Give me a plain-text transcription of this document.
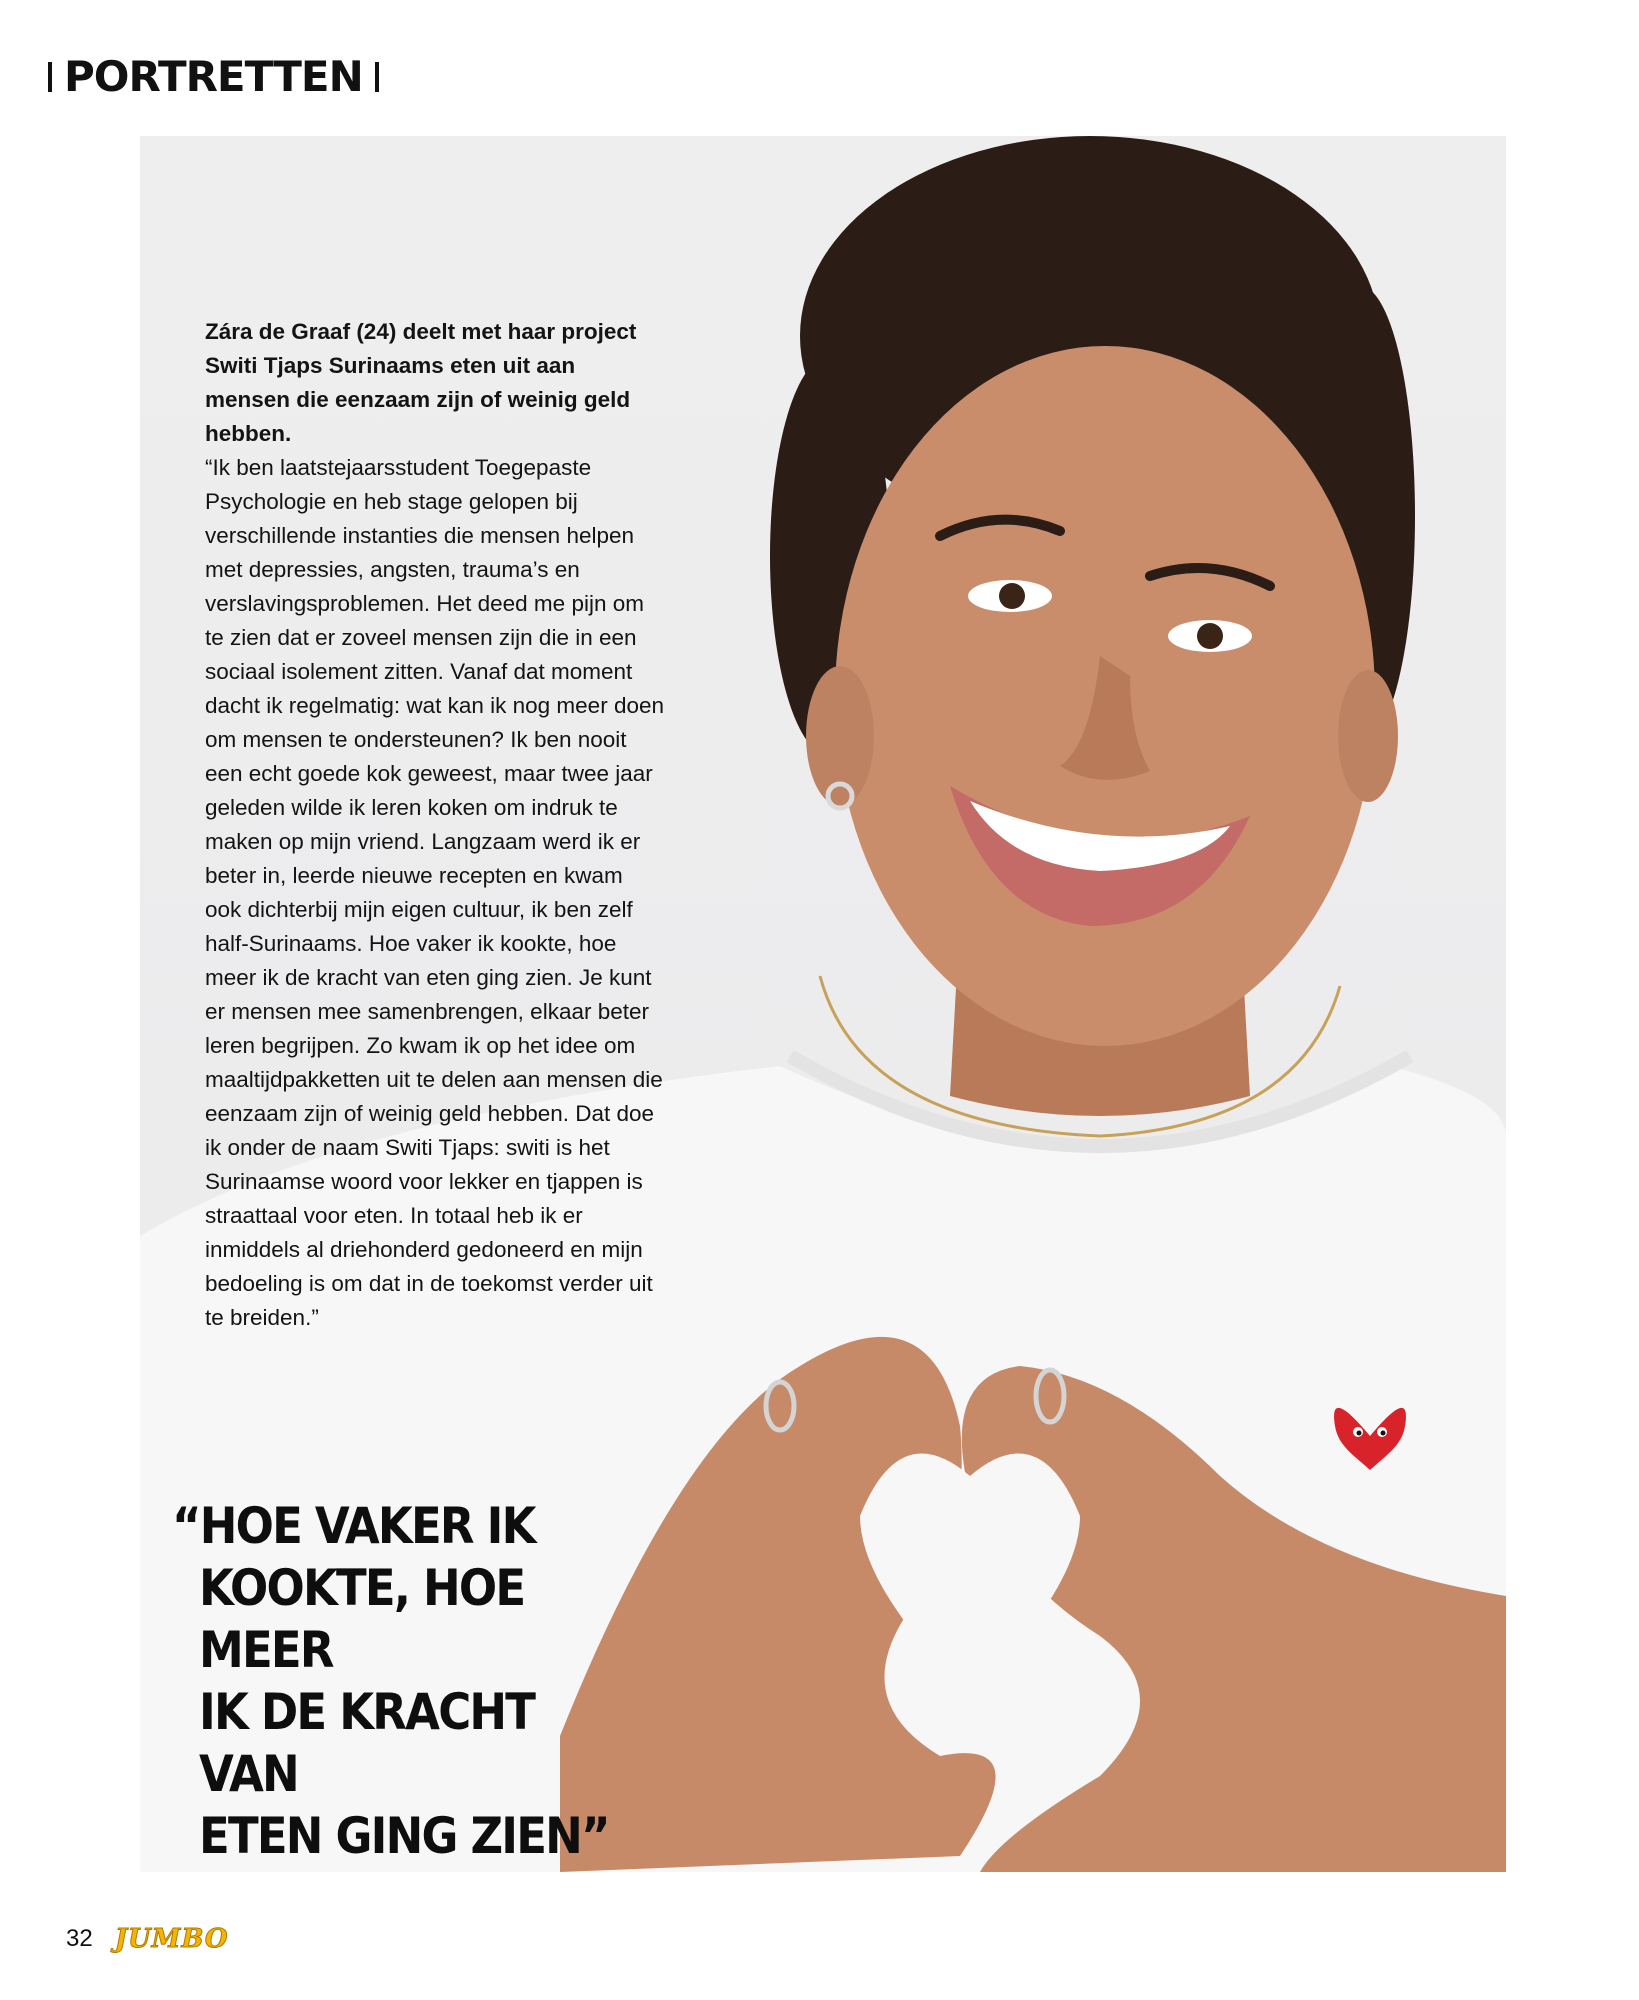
PORTRETTEN

Zára de Graaf (24) deelt met haar project Switi Tjaps Surinaams eten uit aan mensen die eenzaam zijn of weinig geld hebben.

“Ik ben laatstejaarsstudent Toegepaste Psychologie en heb stage gelopen bij verschillende instanties die mensen helpen met depressies, angsten, trauma’s en verslavingsproblemen. Het deed me pijn om te zien dat er zoveel mensen zijn die in een sociaal isolement zitten. Vanaf dat moment dacht ik regelmatig: wat kan ik nog meer doen om mensen te ondersteunen? Ik ben nooit een echt goede kok geweest, maar twee jaar geleden wilde ik leren koken om indruk te maken op mijn vriend. Langzaam werd ik er beter in, leerde nieuwe recepten en kwam ook dichterbij mijn eigen cultuur, ik ben zelf half-Surinaams. Hoe vaker ik kookte, hoe meer ik de kracht van eten ging zien. Je kunt er mensen mee samenbrengen, elkaar beter leren begrijpen. Zo kwam ik op het idee om maaltijdpakketten uit te delen aan mensen die eenzaam zijn of weinig geld hebben. Dat doe ik onder de naam Switi Tjaps: switi is het Surinaamse woord voor lekker en tjappen is straattaal voor eten. In totaal heb ik er inmiddels al driehonderd gedoneerd en mijn bedoeling is om dat in de toekomst verder uit te breiden.”

“HOE VAKER IK
KOOKTE, HOE MEER
IK DE KRACHT VAN
ETEN GING ZIEN”
32 JUMBO
